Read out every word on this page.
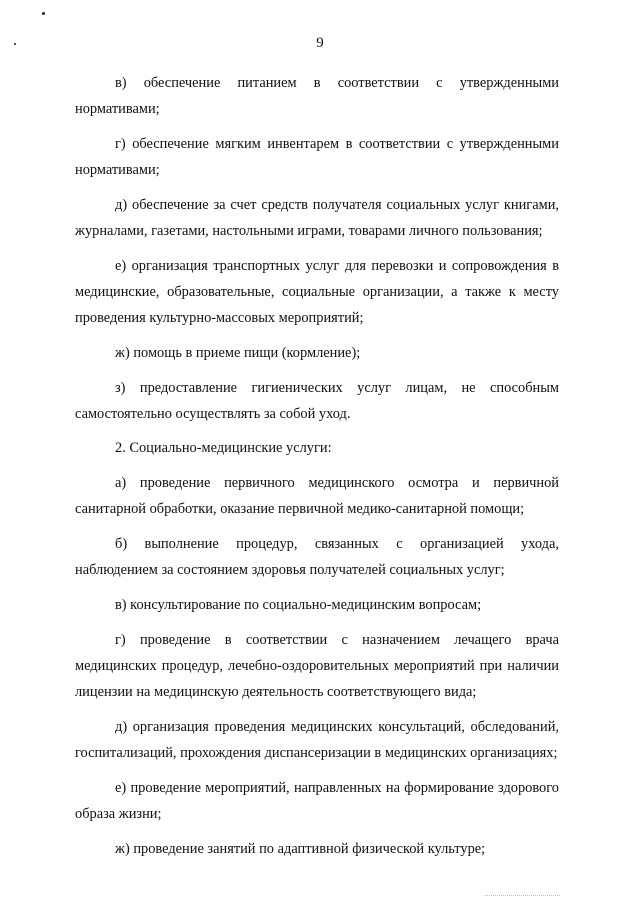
9

в) обеспечение питанием в соответствии с утвержденными нормативами;

г) обеспечение мягким инвентарем в соответствии с утвержденными нормативами;

д) обеспечение за счет средств получателя социальных услуг книгами, журналами, газетами, настольными играми, товарами личного пользования;

е) организация транспортных услуг для перевозки и сопровождения в медицинские, образовательные, социальные организации, а также к месту проведения культурно-массовых мероприятий;

ж) помощь в приеме пищи (кормление);

з) предоставление гигиенических услуг лицам, не способным самостоятельно осуществлять за собой уход.

2. Социально-медицинские услуги:

а) проведение первичного медицинского осмотра и первичной санитарной обработки, оказание первичной медико-санитарной помощи;

б) выполнение процедур, связанных с организацией ухода, наблюдением за состоянием здоровья получателей социальных услуг;

в) консультирование по социально-медицинским вопросам;

г) проведение в соответствии с назначением лечащего врача медицинских процедур, лечебно-оздоровительных мероприятий при наличии лицензии на медицинскую деятельность соответствующего вида;

д) организация проведения медицинских консультаций, обследований, госпитализаций, прохождения диспансеризации в медицинских организациях;

е) проведение мероприятий, направленных на формирование здорового образа жизни;

ж) проведение занятий по адаптивной физической культуре;
